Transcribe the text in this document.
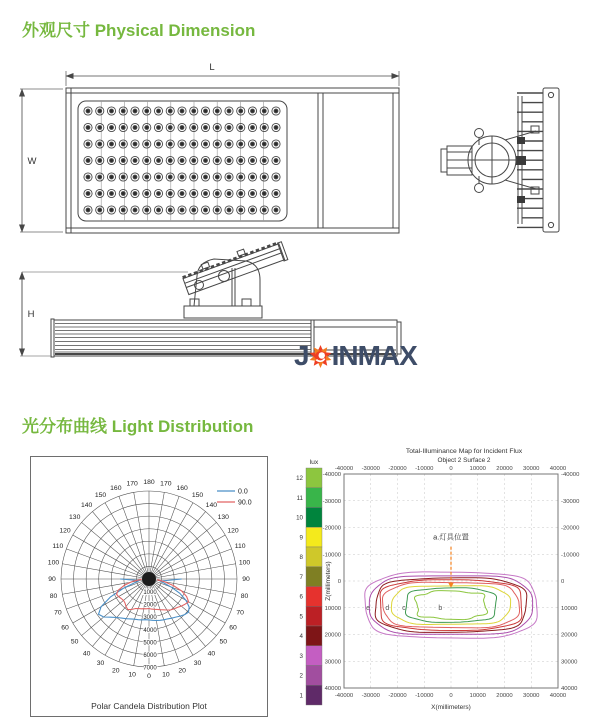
外观尺寸 Physical Dimension
L
W
H
J INMAX
光分布曲线 Light Distribution
Polar Candela Distribution Plot
0
10	10
20	20
30	30
40	40
50	50
60	60
70	70
80	80
90	90
100	100
110	110
120	120
130	130
140	140
150	150
160	160
170	170
180
1000
2000
3000
4000
5000
6000
7000
0.0
90.0
Total-Illuminance Map for Incident Flux
Object 2 Surface 2
X(millimeters)
Z(millimeters)
lux
12
11
10
9
8
7
6
5
4
3
2
1
-40000
-40000
-30000
-30000
-20000
-20000
-10000
-10000
0
0
10000
10000
20000
20000
30000
30000
40000
40000
-40000	-40000
-30000	-30000
-20000	-20000
-10000	-10000
0	0
10000	10000
20000	20000
30000	30000
40000	40000
e d c	b
a.灯具位置
